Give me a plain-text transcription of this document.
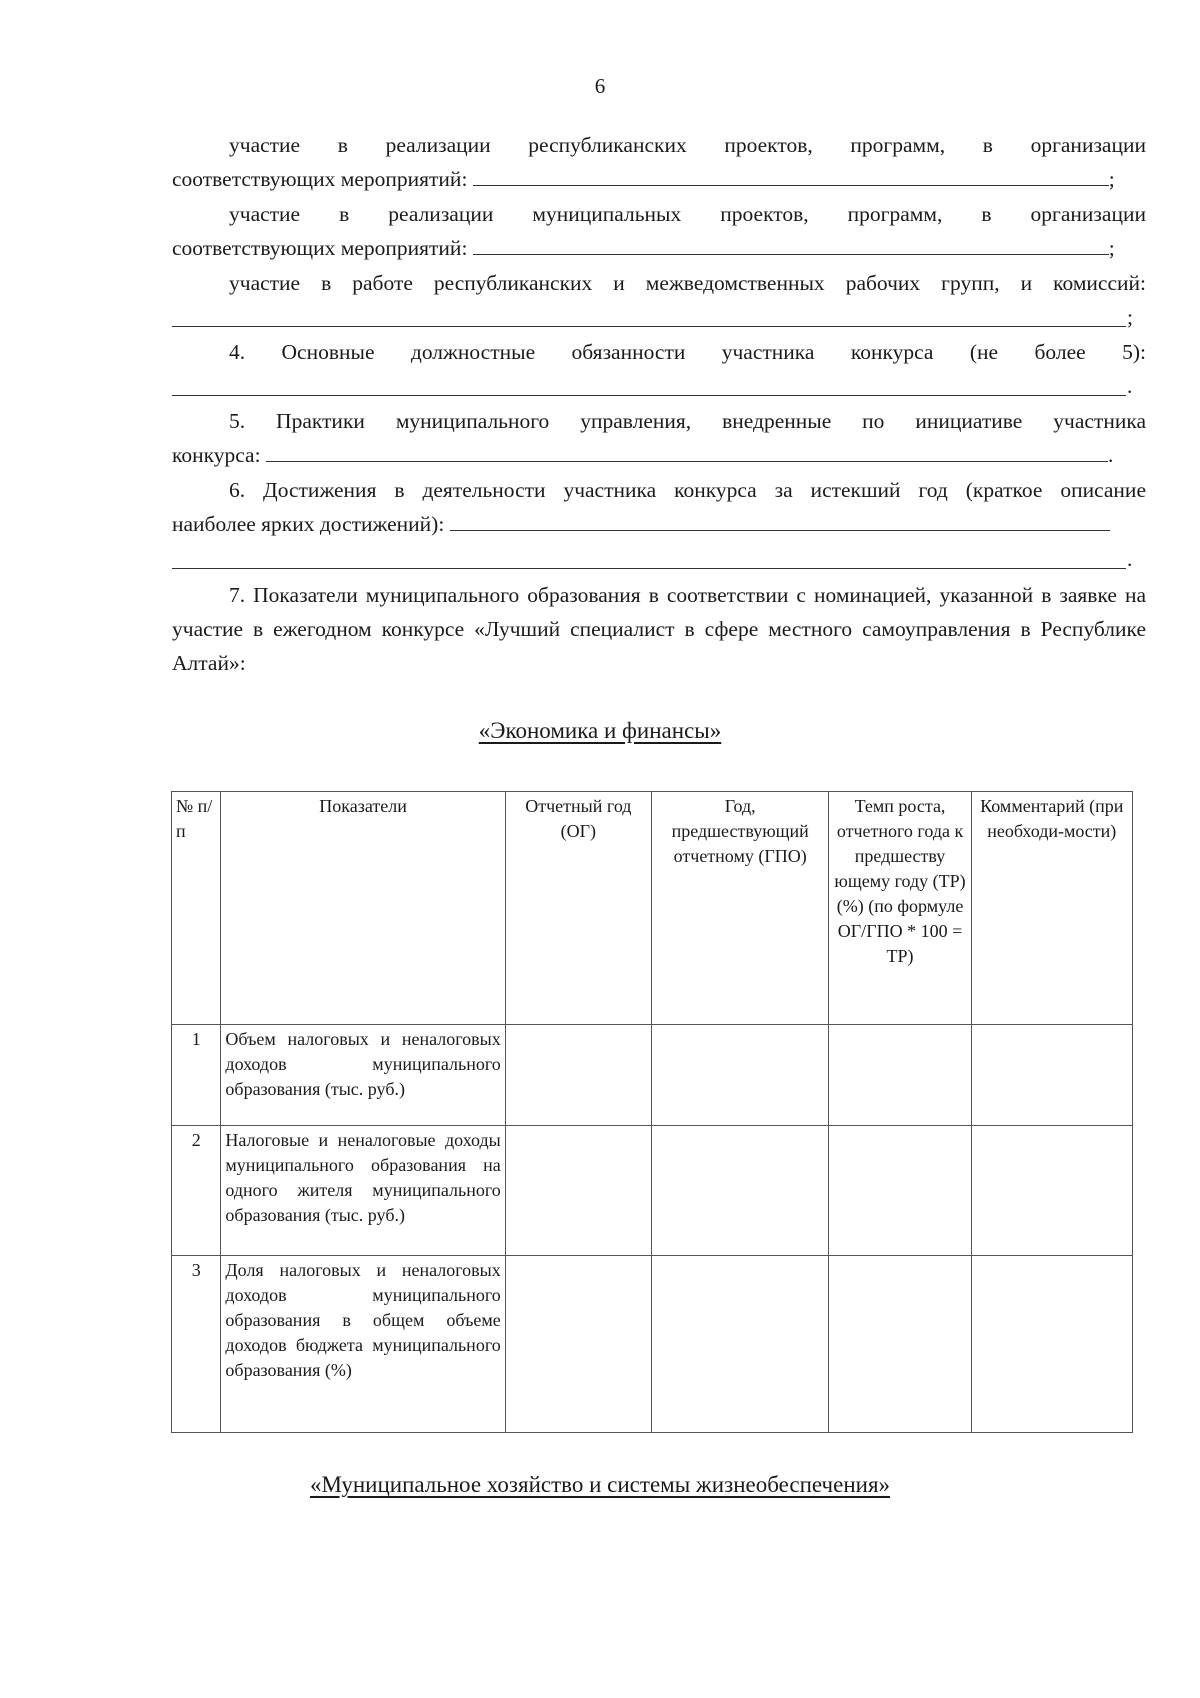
6
участие в реализации республиканских проектов, программ, в организации
соответствующих мероприятий:	;
участие в реализации муниципальных проектов, программ, в организации
соответствующих мероприятий:	;
участие в работе республиканских и межведомственных рабочих групп, и комиссий:
;
4. Основные должностные обязанности участника конкурса (не более 5):
.
5. Практики муниципального управления, внедренные по инициативе участника
конкурса:	.
6. Достижения в деятельности участника конкурса за истекший год (краткое описание
наиболее ярких достижений):
.
7. Показатели муниципального образования в соответствии с номинацией, указанной в заявке на участие в ежегодном конкурсе «Лучший специалист в сфере местного самоуправления в Республике Алтай»:
«Экономика и финансы»
№ п/п	Показатели	Отчетный год (ОГ)	Год, предшествующий отчетному (ГПО)	Темп роста, отчетного года к предшеству ющему году (ТР) (%) (по формуле ОГ/ГПО * 100 = ТР)	Комментарий (при необходи-мости)
1	Объем налоговых и неналоговых доходов муниципального образования (тыс. руб.)				
2	Налоговые и неналоговые доходы муниципального образования на одного жителя муниципального образования (тыс. руб.)				
3	Доля налоговых и неналоговых доходов муниципального образования в общем объеме доходов бюджета муниципального образования (%)				
«Муниципальное хозяйство и системы жизнеобеспечения»
